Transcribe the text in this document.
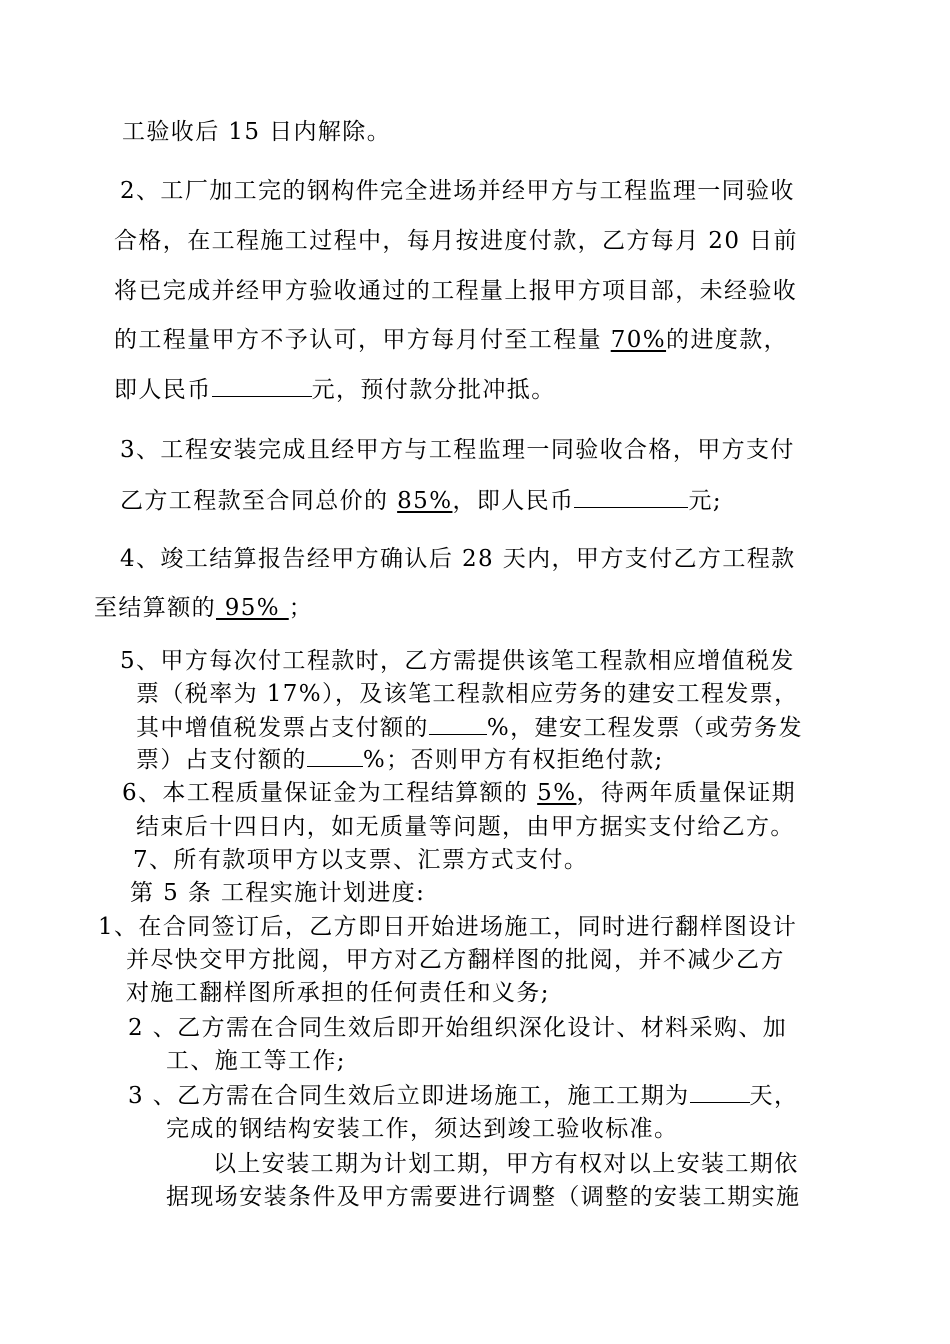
工验收后 15 日内解除。
2、工厂加工完的钢构件完全进场并经甲方与工程监理一同验收
合格，在工程施工过程中，每月按进度付款，乙方每月 20 日前
将已完成并经甲方验收通过的工程量上报甲方项目部，未经验收
的工程量甲方不予认可，甲方每月付至工程量 70%的进度款，
即人民币	元，预付款分批冲抵。
3、工程安装完成且经甲方与工程监理一同验收合格，甲方支付
乙方工程款至合同总价的 85%，即人民币	元;
4、竣工结算报告经甲方确认后 28 天内，甲方支付乙方工程款
至结算额的 95% ；
5、甲方每次付工程款时，乙方需提供该笔工程款相应增值税发
票（税率为 17%），及该笔工程款相应劳务的建安工程发票，
其中增值税发票占支付额的	%，建安工程发票（或劳务发
票）占支付额的 %；否则甲方有权拒绝付款;
6、本工程质量保证金为工程结算额的 5%，待两年质量保证期
结束后十四日内，如无质量等问题，由甲方据实支付给乙方。
7、所有款项甲方以支票、汇票方式支付。
第 5 条 工程实施计划进度:
1、在合同签订后，乙方即日开始进场施工，同时进行翻样图设计
并尽快交甲方批阅，甲方对乙方翻样图的批阅，并不减少乙方
对施工翻样图所承担的任何责任和义务;
2 、乙方需在合同生效后即开始组织深化设计、材料采购、加
工、施工等工作;
3 、乙方需在合同生效后立即进场施工，施工工期为	天，
完成的钢结构安装工作，须达到竣工验收标准。
以上安装工期为计划工期，甲方有权对以上安装工期依
据现场安装条件及甲方需要进行调整（调整的安装工期实施
